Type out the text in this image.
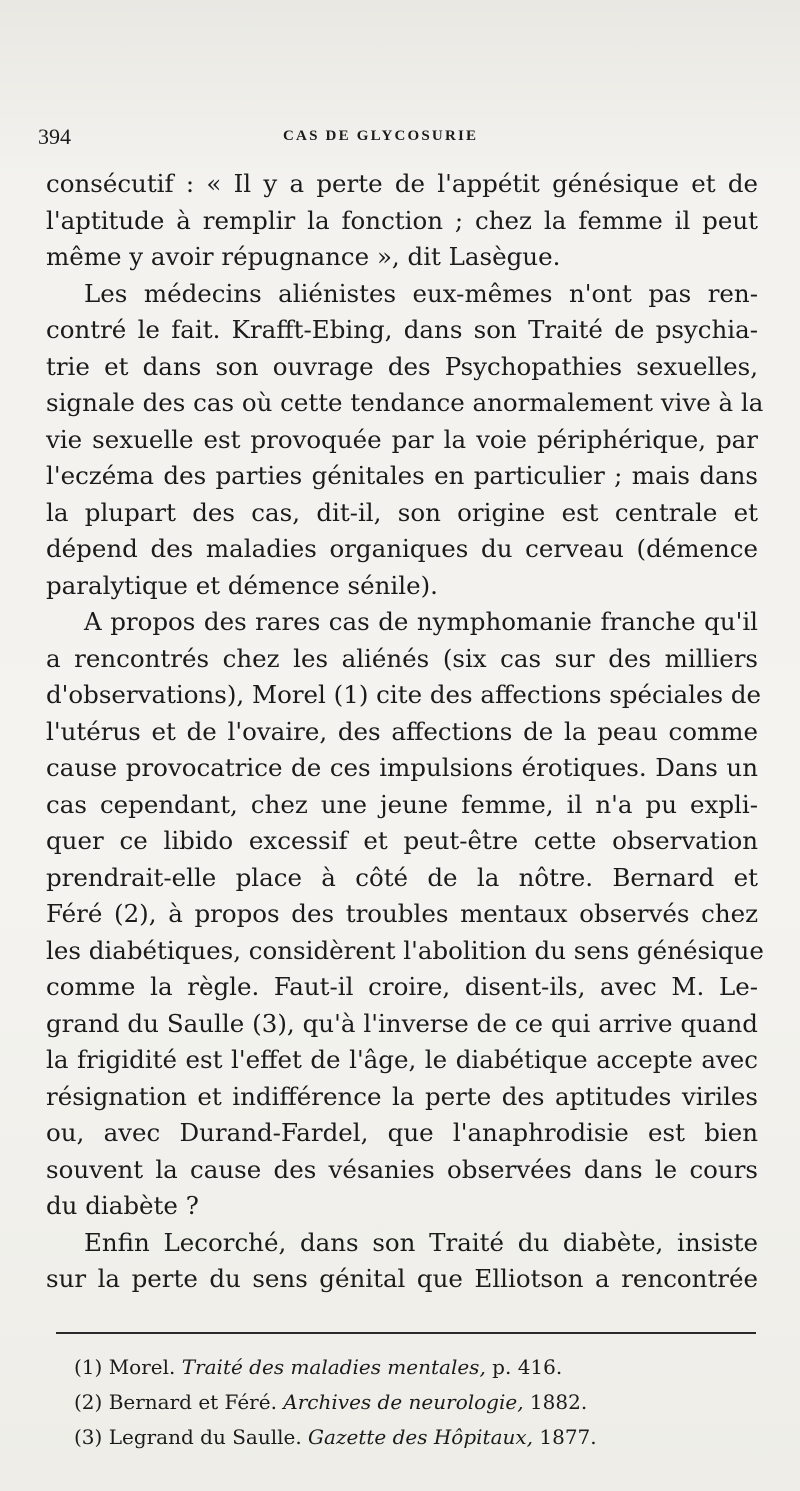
394	CAS DE GLYCOSURIE
consécutif : « Il y a perte de l'appétit génésique et de
l'aptitude à remplir la fonction ; chez la femme il peut
même y avoir répugnance », dit Lasègue.
Les médecins aliénistes eux-mêmes n'ont pas ren-
contré le fait. Krafft-Ebing, dans son Traité de psychia-
trie et dans son ouvrage des Psychopathies sexuelles,
signale des cas où cette tendance anormalement vive à la
vie sexuelle est provoquée par la voie périphérique, par
l'eczéma des parties génitales en particulier ; mais dans
la plupart des cas, dit-il, son origine est centrale et
dépend des maladies organiques du cerveau (démence
paralytique et démence sénile).
A propos des rares cas de nymphomanie franche qu'il
a rencontrés chez les aliénés (six cas sur des milliers
d'observations), Morel (1) cite des affections spéciales de
l'utérus et de l'ovaire, des affections de la peau comme
cause provocatrice de ces impulsions érotiques. Dans un
cas cependant, chez une jeune femme, il n'a pu expli-
quer ce libido excessif et peut-être cette observation
prendrait-elle place à côté de la nôtre. Bernard et
Féré (2), à propos des troubles mentaux observés chez
les diabétiques, considèrent l'abolition du sens génésique
comme la règle. Faut-il croire, disent-ils, avec M. Le-
grand du Saulle (3), qu'à l'inverse de ce qui arrive quand
la frigidité est l'effet de l'âge, le diabétique accepte avec
résignation et indifférence la perte des aptitudes viriles
ou, avec Durand-Fardel, que l'anaphrodisie est bien
souvent la cause des vésanies observées dans le cours
du diabète ?
Enfin Lecorché, dans son Traité du diabète, insiste
sur la perte du sens génital que Elliotson a rencontrée
(1) Morel. Traité des maladies mentales, p. 416.
(2) Bernard et Féré. Archives de neurologie, 1882.
(3) Legrand du Saulle. Gazette des Hôpitaux, 1877.
